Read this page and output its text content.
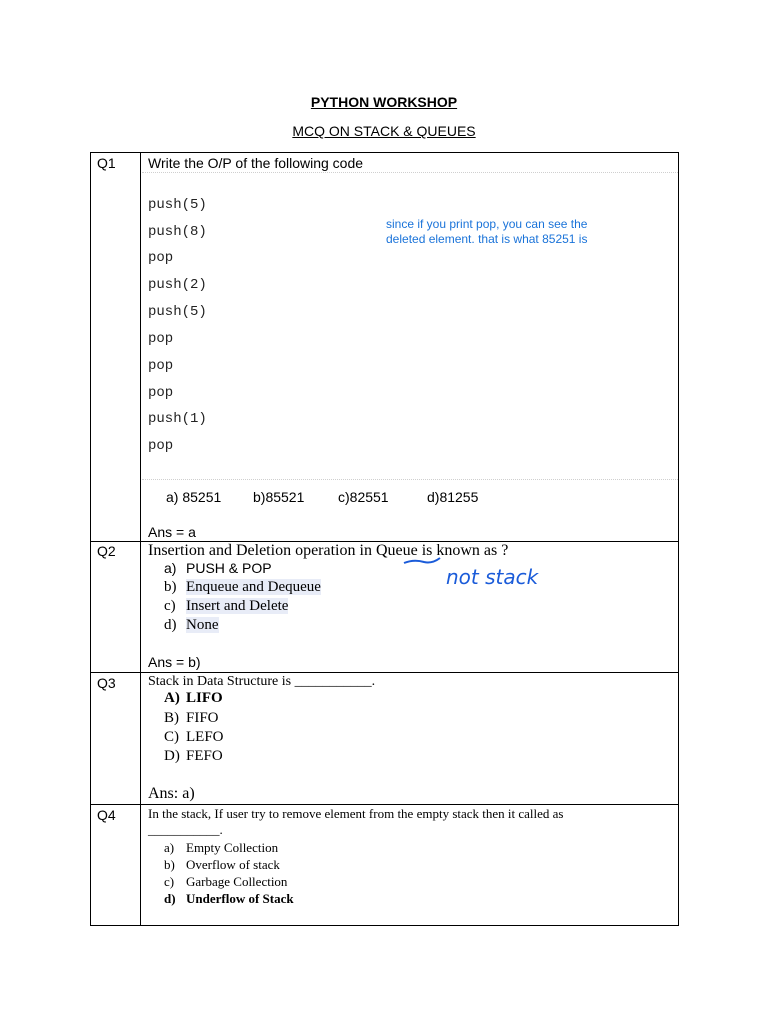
PYTHON WORKSHOP
MCQ ON STACK & QUEUES
Q1	Write the O/P of the following code
push(5)
push(8)
pop
push(2)
push(5)
pop
pop
pop
push(1)
pop
since if you print pop, you can see the
deleted element. that is what 85251 is
a) 85251 b)85521 c)82551	d)81255
Ans = a
Q2	Insertion and Deletion operation in Queue is known as ?
a) PUSH & POP
b) Enqueue and Dequeue
c) Insert and Delete
d) None
Ans = b)
not stack
Q3	Stack in Data Structure is ___________.
A) LIFO
B) FIFO
C) LEFO
D) FEFO
Ans: a)
Q4	In the stack, If user try to remove element from the empty stack then it called as
___________.
a) Empty Collection
b) Overflow of stack
c) Garbage Collection
d) Underflow of Stack
